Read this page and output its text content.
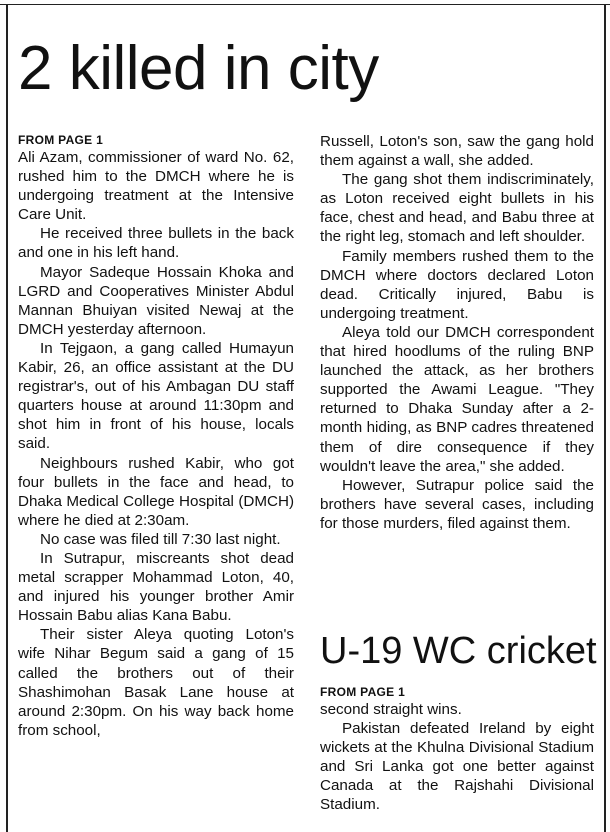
2 killed in city
FROM PAGE 1

Ali Azam, commissioner of ward No. 62, rushed him to the DMCH where he is undergoing treatment at the Intensive Care Unit.

He received three bullets in the back and one in his left hand.

Mayor Sadeque Hossain Khoka and LGRD and Cooperatives Minister Abdul Mannan Bhuiyan visited Newaj at the DMCH yesterday afternoon.

In Tejgaon, a gang called Humayun Kabir, 26, an office assistant at the DU registrar's, out of his Ambagan DU staff quarters house at around 11:30pm and shot him in front of his house, locals said.

Neighbours rushed Kabir, who got four bullets in the face and head, to Dhaka Medical College Hospital (DMCH) where he died at 2:30am.

No case was filed till 7:30 last night.

In Sutrapur, miscreants shot dead metal scrapper Mohammad Loton, 40, and injured his younger brother Amir Hossain Babu alias Kana Babu.

Their sister Aleya quoting Loton's wife Nihar Begum said a gang of 15 called the brothers out of their Shashimohan Basak Lane house at around 2:30pm. On his way back home from school,

Russell, Loton's son, saw the gang hold them against a wall, she added.

The gang shot them indiscriminately, as Loton received eight bullets in his face, chest and head, and Babu three at the right leg, stomach and left shoulder.

Family members rushed them to the DMCH where doctors declared Loton dead. Critically injured, Babu is undergoing treatment.

Aleya told our DMCH correspondent that hired hoodlums of the ruling BNP launched the attack, as her brothers supported the Awami League. "They returned to Dhaka Sunday after a 2-month hiding, as BNP cadres threatened them of dire consequence if they wouldn't leave the area," she added.

However, Sutrapur police said the brothers have several cases, including for those murders, filed against them.

U-19 WC cricket
FROM PAGE 1

second straight wins.

Pakistan defeated Ireland by eight wickets at the Khulna Divisional Stadium and Sri Lanka got one better against Canada at the Rajshahi Divisional Stadium.
